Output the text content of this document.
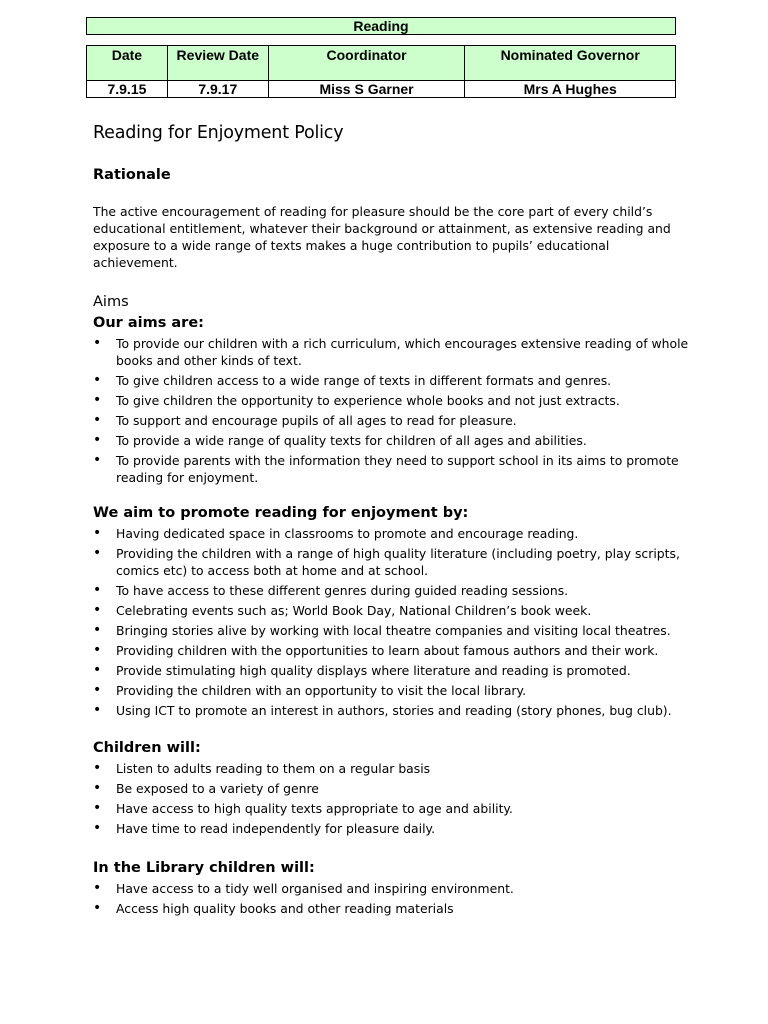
Reading
Date	Review Date	Coordinator	Nominated Governor
7.9.15	7.9.17	Miss S Garner	Mrs A Hughes
Reading for Enjoyment Policy
Rationale

The active encouragement of reading for pleasure should be the core part of every child’s educational entitlement, whatever their background or attainment, as extensive reading and exposure to a wide range of texts makes a huge contribution to pupils’ educational achievement.

Aims
Our aims are:
• To provide our children with a rich curriculum, which encourages extensive reading of whole books and other kinds of text.
• To give children access to a wide range of texts in different formats and genres.
• To give children the opportunity to experience whole books and not just extracts.
• To support and encourage pupils of all ages to read for pleasure.
• To provide a wide range of quality texts for children of all ages and abilities.
• To provide parents with the information they need to support school in its aims to promote reading for enjoyment.
We aim to promote reading for enjoyment by:
• Having dedicated space in classrooms to promote and encourage reading.
• Providing the children with a range of high quality literature (including poetry, play scripts, comics etc) to access both at home and at school.
• To have access to these different genres during guided reading sessions.
• Celebrating events such as; World Book Day, National Children’s book week.
• Bringing stories alive by working with local theatre companies and visiting local theatres.
• Providing children with the opportunities to learn about famous authors and their work.
• Provide stimulating high quality displays where literature and reading is promoted.
• Providing the children with an opportunity to visit the local library.
• Using ICT to promote an interest in authors, stories and reading (story phones, bug club).
Children will:
• Listen to adults reading to them on a regular basis
• Be exposed to a variety of genre
• Have access to high quality texts appropriate to age and ability.
• Have time to read independently for pleasure daily.
In the Library children will:
• Have access to a tidy well organised and inspiring environment.
• Access high quality books and other reading materials
